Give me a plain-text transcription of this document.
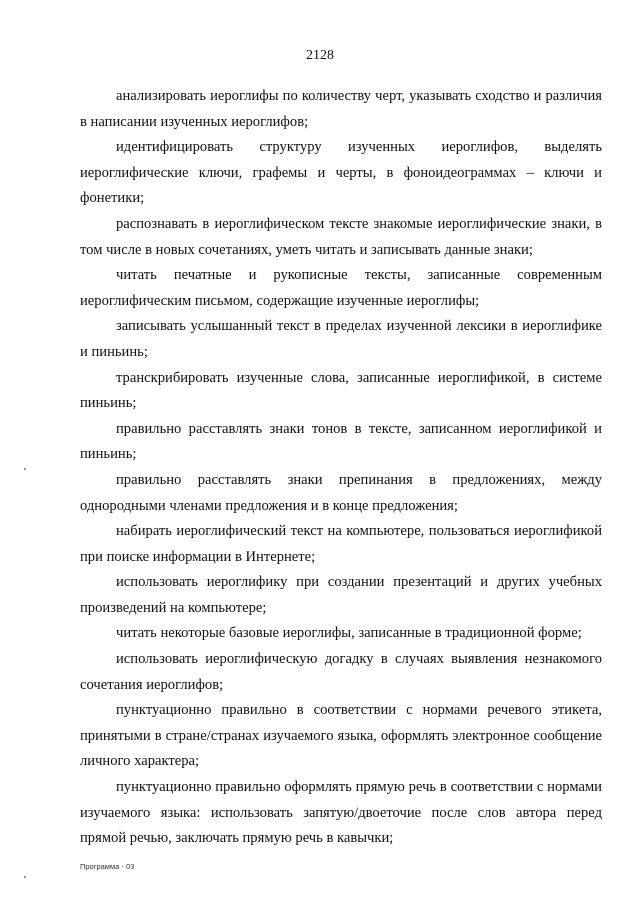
2128

анализировать иероглифы по количеству черт, указывать сходство и различия в написании изученных иероглифов;

идентифицировать структуру изученных иероглифов, выделять иероглифические ключи, графемы и черты, в фоноидеограммах – ключи и фонетики;

распознавать в иероглифическом тексте знакомые иероглифические знаки, в том числе в новых сочетаниях, уметь читать и записывать данные знаки;

читать печатные и рукописные тексты, записанные современным иероглифическим письмом, содержащие изученные иероглифы;

записывать услышанный текст в пределах изученной лексики в иероглифике и пиньинь;

транскрибировать изученные слова, записанные иероглификой, в системе пиньинь;

правильно расставлять знаки тонов в тексте, записанном иероглификой и пиньинь;

правильно расставлять знаки препинания в предложениях, между однородными членами предложения и в конце предложения;

набирать иероглифический текст на компьютере, пользоваться иероглификой при поиске информации в Интернете;

использовать иероглифику при создании презентаций и других учебных произведений на компьютере;

читать некоторые базовые иероглифы, записанные в традиционной форме;

использовать иероглифическую догадку в случаях выявления незнакомого сочетания иероглифов;

пунктуационно правильно в соответствии с нормами речевого этикета, принятыми в стране/странах изучаемого языка, оформлять электронное сообщение личного характера;

пунктуационно правильно оформлять прямую речь в соответствии с нормами изучаемого языка: использовать запятую/двоеточие после слов автора перед прямой речью, заключать прямую речь в кавычки;

Программа - 03
